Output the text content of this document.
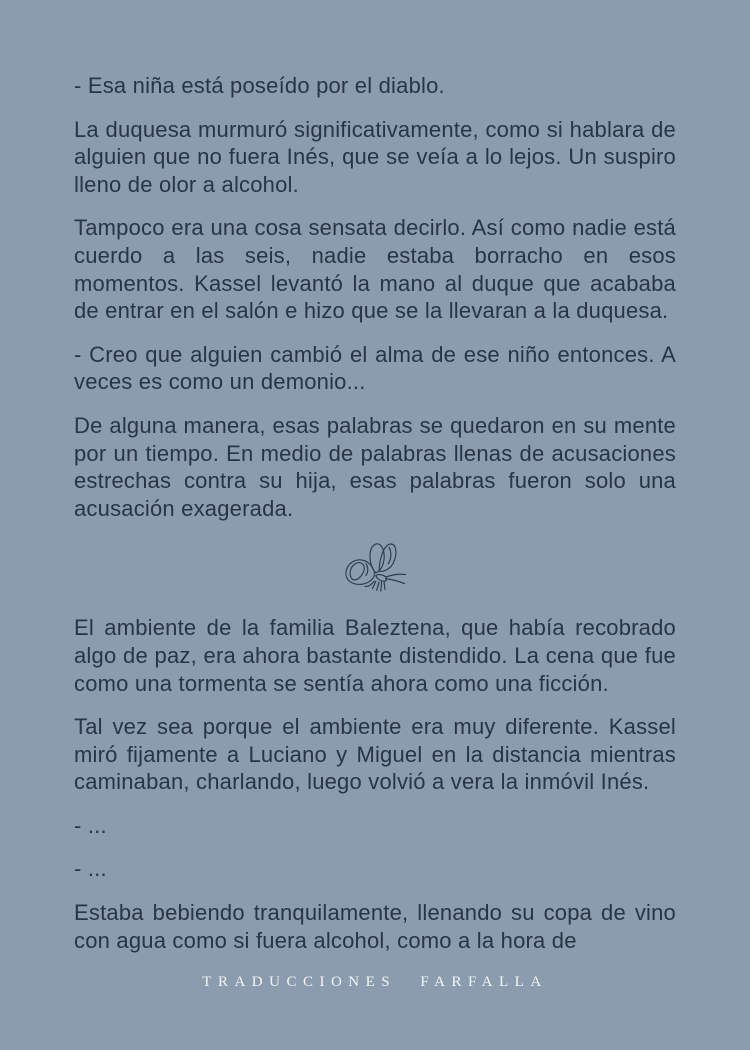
- Esa niña está poseído por el diablo.

La duquesa murmuró significativamente, como si hablara de alguien que no fuera Inés, que se veía a lo lejos. Un suspiro lleno de olor a alcohol.

Tampoco era una cosa sensata decirlo. Así como nadie está cuerdo a las seis, nadie estaba borracho en esos momentos. Kassel levantó la mano al duque que acababa de entrar en el salón e hizo que se la llevaran a la duquesa.

- Creo que alguien cambió el alma de ese niño entonces. A veces es como un demonio...

De alguna manera, esas palabras se quedaron en su mente por un tiempo. En medio de palabras llenas de acusaciones estrechas contra su hija, esas palabras fueron solo una acusación exagerada.

El ambiente de la familia Baleztena, que había recobrado algo de paz, era ahora bastante distendido. La cena que fue como una tormenta se sentía ahora como una ficción.

Tal vez sea porque el ambiente era muy diferente. Kassel miró fijamente a Luciano y Miguel en la distancia mientras caminaban, charlando, luego volvió a vera la inmóvil Inés.

- ...

- ...

Estaba bebiendo tranquilamente, llenando su copa de vino con agua como si fuera alcohol, como a la hora de

TRADUCCIONES FARFALLA
